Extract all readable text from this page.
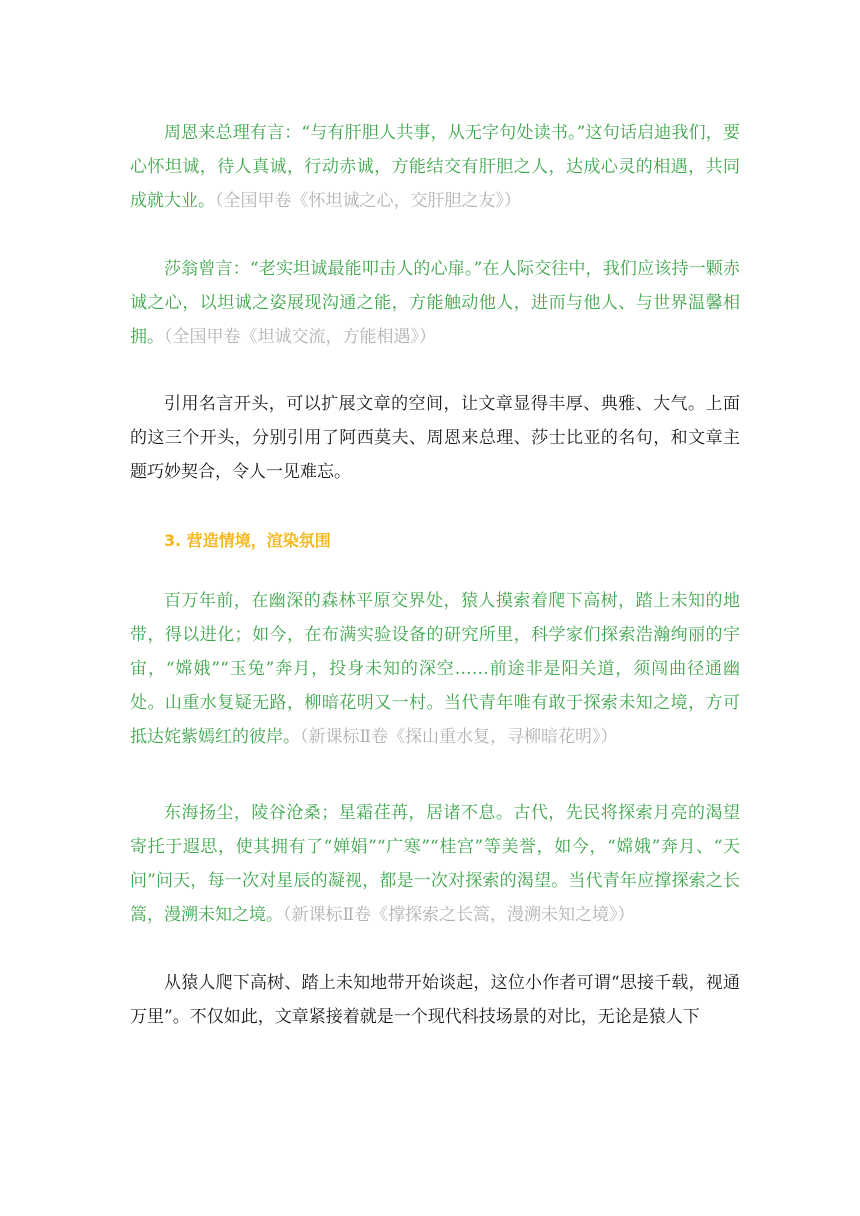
周恩来总理有言：“与有肝胆人共事，从无字句处读书。”这句话启迪我们，要心怀坦诚，待人真诚，行动赤诚，方能结交有肝胆之人，达成心灵的相遇，共同成就大业。（全国甲卷《怀坦诚之心，交肝胆之友》）

莎翁曾言：“老实坦诚最能叩击人的心扉。”在人际交往中，我们应该持一颗赤诚之心，以坦诚之姿展现沟通之能，方能触动他人，进而与他人、与世界温馨相拥。（全国甲卷《坦诚交流，方能相遇》）

引用名言开头，可以扩展文章的空间，让文章显得丰厚、典雅、大气。上面的这三个开头，分别引用了阿西莫夫、周恩来总理、莎士比亚的名句，和文章主题巧妙契合，令人一见难忘。

3. 营造情境，渲染氛围

百万年前，在幽深的森林平原交界处，猿人摸索着爬下高树，踏上未知的地带，得以进化；如今，在布满实验设备的研究所里，科学家们探索浩瀚绚丽的宇宙，“嫦娥”“玉兔”奔月，投身未知的深空……前途非是阳关道，须闯曲径通幽处。山重水复疑无路，柳暗花明又一村。当代青年唯有敢于探索未知之境，方可抵达姹紫嫣红的彼岸。（新课标Ⅱ卷《探山重水复，寻柳暗花明》）

东海扬尘，陵谷沧桑；星霜荏苒，居诸不息。古代，先民将探索月亮的渴望寄托于遐思，使其拥有了“婵娟”“广寒”“桂宫”等美誉，如今，“嫦娥”奔月、“天问”问天，每一次对星辰的凝视，都是一次对探索的渴望。当代青年应撑探索之长篙，漫溯未知之境。（新课标Ⅱ卷《撑探索之长篙，漫溯未知之境》）

从猿人爬下高树、踏上未知地带开始谈起，这位小作者可谓“思接千载，视通万里”。不仅如此，文章紧接着就是一个现代科技场景的对比，无论是猿人下
